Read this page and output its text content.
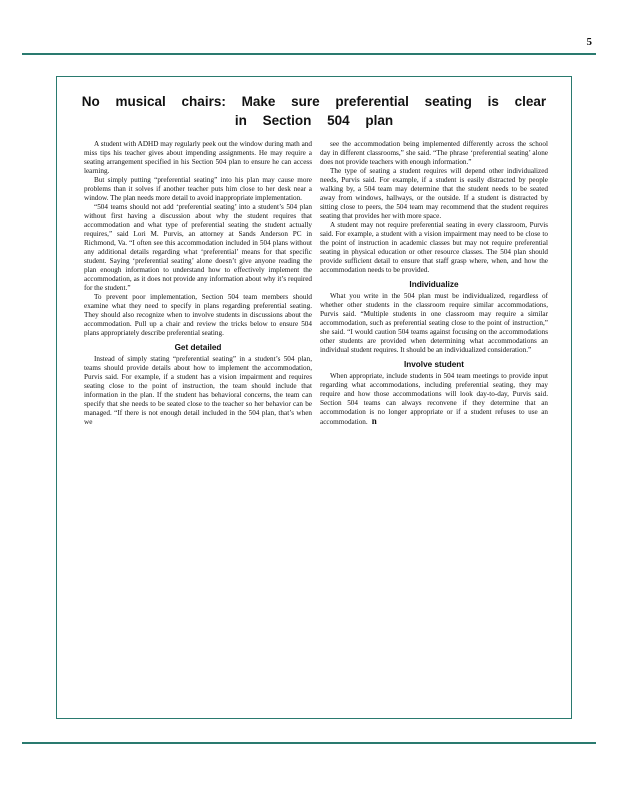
5
No musical chairs: Make sure preferential seating is clear
in Section 504 plan

A student with ADHD may regularly peek out the window during math and miss tips his teacher gives about impending assignments. He may require a seating arrangement specified in his Section 504 plan to ensure he can access learning.

But simply putting “preferential seating” into his plan may cause more problems than it solves if another teacher puts him close to her desk near a window. The plan needs more detail to avoid inappropriate implementation.

“504 teams should not add ‘preferential seating’ into a student’s 504 plan without first having a discussion about why the student requires that accommodation and what type of preferential seating the student actually requires,” said Lori M. Purvis, an attorney at Sands Anderson PC in Richmond, Va. “I often see this accommodation included in 504 plans without any additional details regarding what ‘preferential’ means for that specific student. Saying ‘preferential seating’ alone doesn’t give anyone reading the plan enough information to understand how to effectively implement the accommodation, as it does not provide any information about why it’s required for the student.”

To prevent poor implementation, Section 504 team members should examine what they need to specify in plans regarding preferential seating. They should also recognize when to involve students in discussions about the accommodation. Pull up a chair and review the tricks below to ensure 504 plans appropriately describe preferential seating.

Get detailed

Instead of simply stating “preferential seating” in a student’s 504 plan, teams should provide details about how to implement the accommodation, Purvis said. For example, if a student has a vision impairment and requires seating close to the point of instruction, the team should include that information in the plan. If the student has behavioral concerns, the team can specify that she needs to be seated close to the teacher so her behavior can be managed. “If there is not enough detail included in the 504 plan, that’s when we

see the accommodation being implemented differently across the school day in different classrooms,” she said. “The phrase ‘preferential seating’ alone does not provide teachers with enough information.”

The type of seating a student requires will depend other individualized needs, Purvis said. For example, if a student is easily distracted by people walking by, a 504 team may determine that the student needs to be seated away from windows, hallways, or the outside. If a student is distracted by sitting close to peers, the 504 team may recommend that the student requires seating that provides her with more space.

A student may not require preferential seating in every classroom, Purvis said. For example, a student with a vision impairment may need to be close to the point of instruction in academic classes but may not require preferential seating in physical education or other resource classes. The 504 plan should provide sufficient detail to ensure that staff grasp where, when, and how the accommodation needs to be provided.

Individualize

What you write in the 504 plan must be individualized, regardless of whether other students in the classroom require similar accommodations, Purvis said. “Multiple students in one classroom may require a similar accommodation, such as preferential seating close to the point of instruction,” she said. “I would caution 504 teams against focusing on the accommodations other students are provided when determining what accommodations an individual student requires. It should be an individualized consideration.”

Involve student

When appropriate, include students in 504 team meetings to provide input regarding what accommodations, including preferential seating, they may require and how those accommodations will look day-to-day, Purvis said. Section 504 teams can always reconvene if they determine that an accommodation is no longer appropriate or if a student refuses to use an accommodation. n
